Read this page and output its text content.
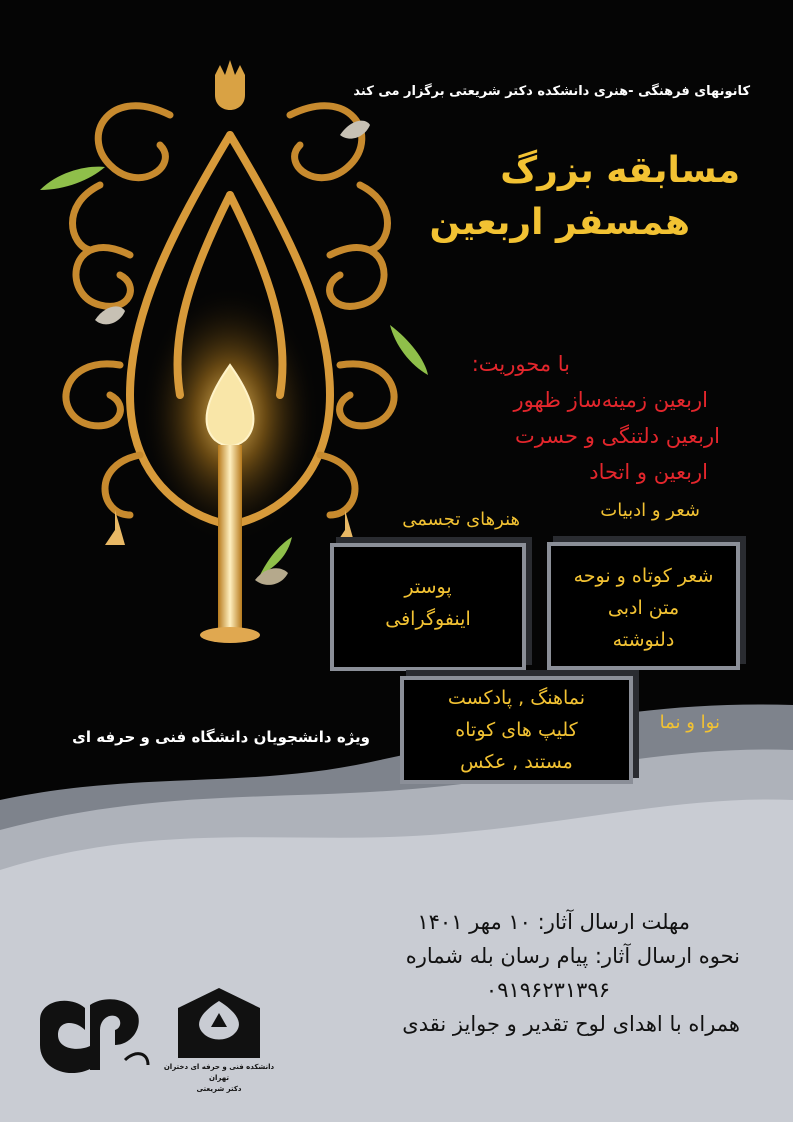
کانونهای فرهنگی -هنری دانشکده دکتر شریعتی برگزار می کند
مسابقه بزرگ
همسفر اربعین
با محوریت:
اربعین زمینه‌ساز ظهور
اربعین دلتنگی و حسرت
اربعین و اتحاد
شعر و ادبیات
هنرهای تجسمی
نوا و نما
شعر کوتاه و نوحه
متن ادبی
دلنوشته
پوستر
اینفوگرافی
نماهنگ , پادکست
کلیپ های کوتاه
مستند , عکس
ویژه دانشجویان دانشگاه فنی و حرفه ای
مهلت ارسال آثار: ۱۰ مهر ۱۴۰۱
نحوه ارسال آثار: پیام رسان بله شماره
۰۹۱۹۶۲۳۱۳۹۶
همراه با اهدای لوح تقدیر و جوایز نقدی
دانشکده فنی و حرفه ای دختران تهران
دکتر شریعتی
